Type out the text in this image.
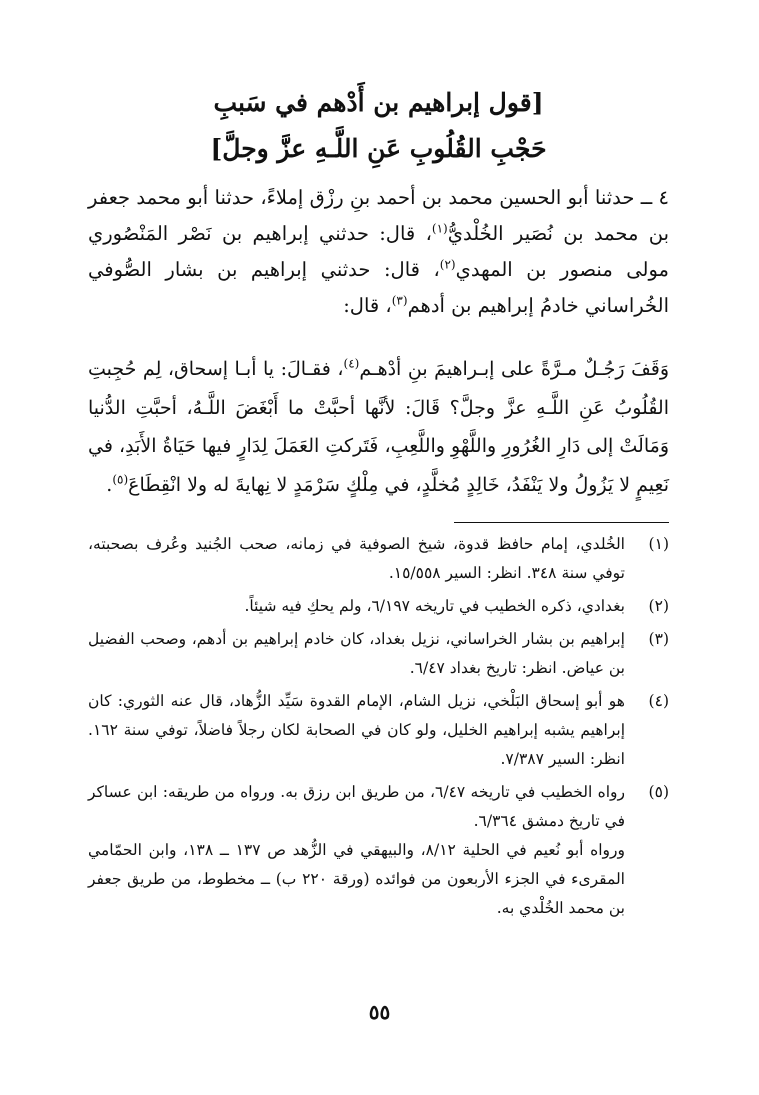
[قول إبراهيم بن أَدْهم في سَببِ
حَجْبِ القُلُوبِ عَنِ اللَّـهِ عزَّ وجلَّ]
٤ ــ حدثنا أبو الحسين محمد بن أحمد بنِ رزْق إملاءً، حدثنا أبو محمد جعفر بن محمد بن نُصَير الخُلْديُّ$^{(١)}$، قال: حدثني إبراهيم بن نَصْر المَنْصُوري مولى منصور بن المهدي$^{(٢)}$، قال: حدثني إبراهيم بن بشار الصُّوفي الخُراساني خادمُ إبراهيم بن أدهم$^{(٣)}$، قال:
وَقَفَ رَجُـلٌ مـرَّةً على إبـراهيمَ بنِ أدْهـم$^{(٤)}$، فقـالَ: يا أبـا إسحاق، لِم حُجِبتِ القُلُوبُ عَنِ اللَّـهِ عزَّ وجلَّ؟ قَالَ: لأنَّها أحبَّتْ ما أَبْغَضَ اللَّـهُ، أحبَّتِ الدُّنيا وَمَالَتْ إلى دَارِ الغُرُورِ واللَّهْوِ واللَّعِبِ، فَتَركتِ العَمَلَ لِدَارٍ فيها حَيَاةُ الأَبَدِ، في نَعِيمٍ لا يَزُولُ ولا يَنْفَدُ، خَالِدٍ مُخلَّدٍ، في مِلْكٍ سَرْمَدٍ لا نِهايةَ له ولا انْقِطَاعَ$^{(٥)}$.
(١)

الخُلدي، إمام حافظ قدوة، شيخ الصوفية في زمانه، صحب الجُنيد وعُرف بصحبته، توفي سنة ٣٤٨. انظر: السير ١٥/٥٥٨.

(٢)

بغدادي، ذكره الخطيب في تاريخه ٦/١٩٧، ولم يحكِ فيه شيئاً.

(٣)

إبراهيم بن بشار الخراساني، نزيل بغداد، كان خادم إبراهيم بن أدهم، وصحب الفضيل بن عياض. انظر: تاريخ بغداد ٦/٤٧.

(٤)

هو أبو إسحاق البَلْخي، نزيل الشام، الإمام القدوة سَيِّد الزُّهاد، قال عنه الثوري: كان إبراهيم يشبه إبراهيم الخليل، ولو كان في الصحابة لكان رجلاً فاضلاً، توفي سنة ١٦٢. انظر: السير ٧/٣٨٧.

(٥)

رواه الخطيب في تاريخه ٦/٤٧، من طريق ابن رزق به. ورواه من طريقه: ابن عساكر في تاريخ دمشق ٦/٣٦٤.

ورواه أبو نُعيم في الحلية ٨/١٢، والبيهقي في الزُّهد ص ١٣٧ ــ ١٣٨، وابن الحمّامي المقرىء في الجزء الأربعون من فوائده (ورقة ٢٢٠ ب) ــ مخطوط، من طريق جعفر بن محمد الخُلْدي به.

٥٥
